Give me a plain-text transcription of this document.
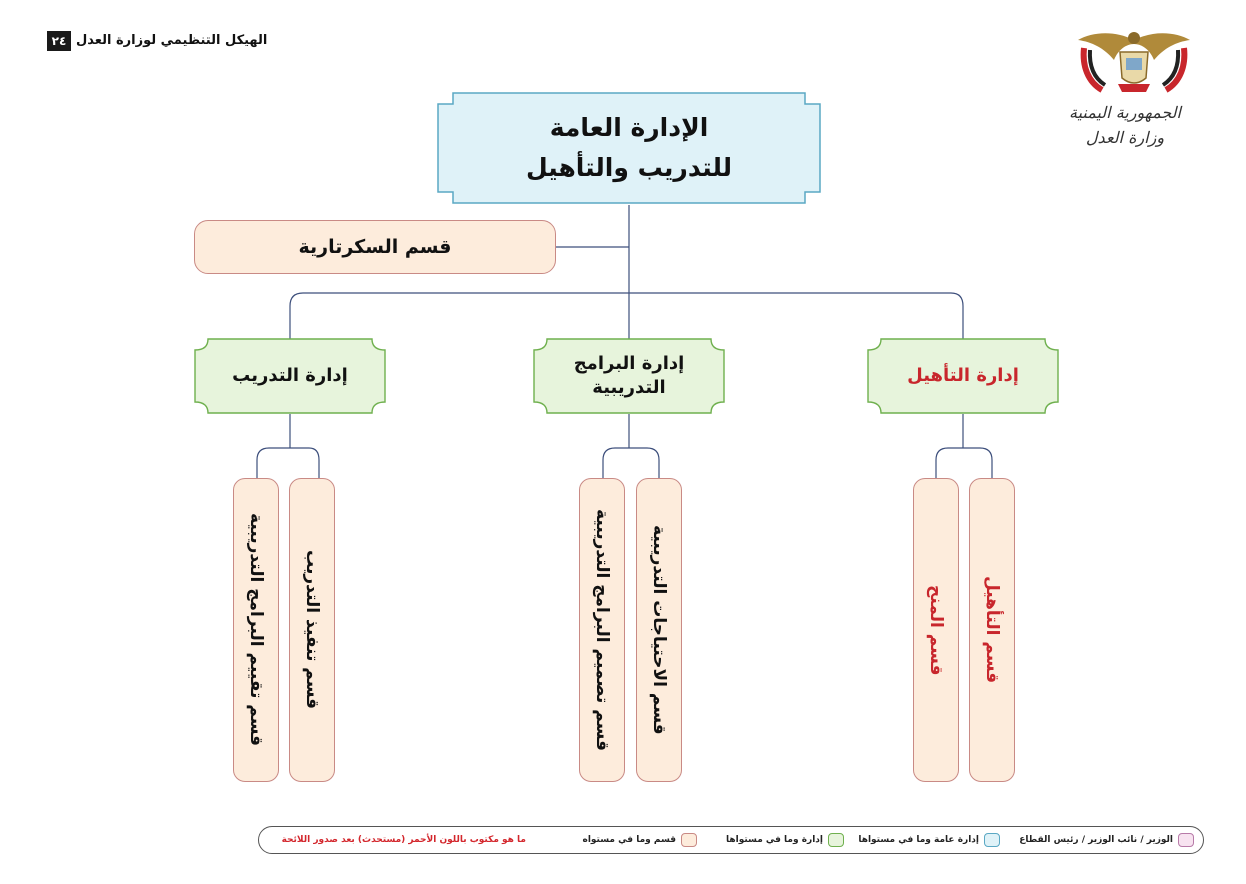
٢٤ الهيكل التنظيمي لوزارة العدل
الجمهورية اليمنية
وزارة العدل
الإدارة العامة
للتدريب والتأهيل
قسم السكرتارية
إدارة التأهيل
إدارة البرامج
التدريبية
إدارة التدريب
قسم التأهيل
قسم المنح
قسم الاحتياجات التدريبية
قسم تصميم البرامج التدريبية
قسم تنفيذ التدريب
قسم تقييم البرامج التدريبية
الوزير / نائب الوزير / رئيس القطاع
إدارة عامة وما في مستواها
إدارة وما في مستواها
قسم وما في مستواه
ما هو مكتوب باللون الأحمر (مستحدث) بعد صدور اللائحة
